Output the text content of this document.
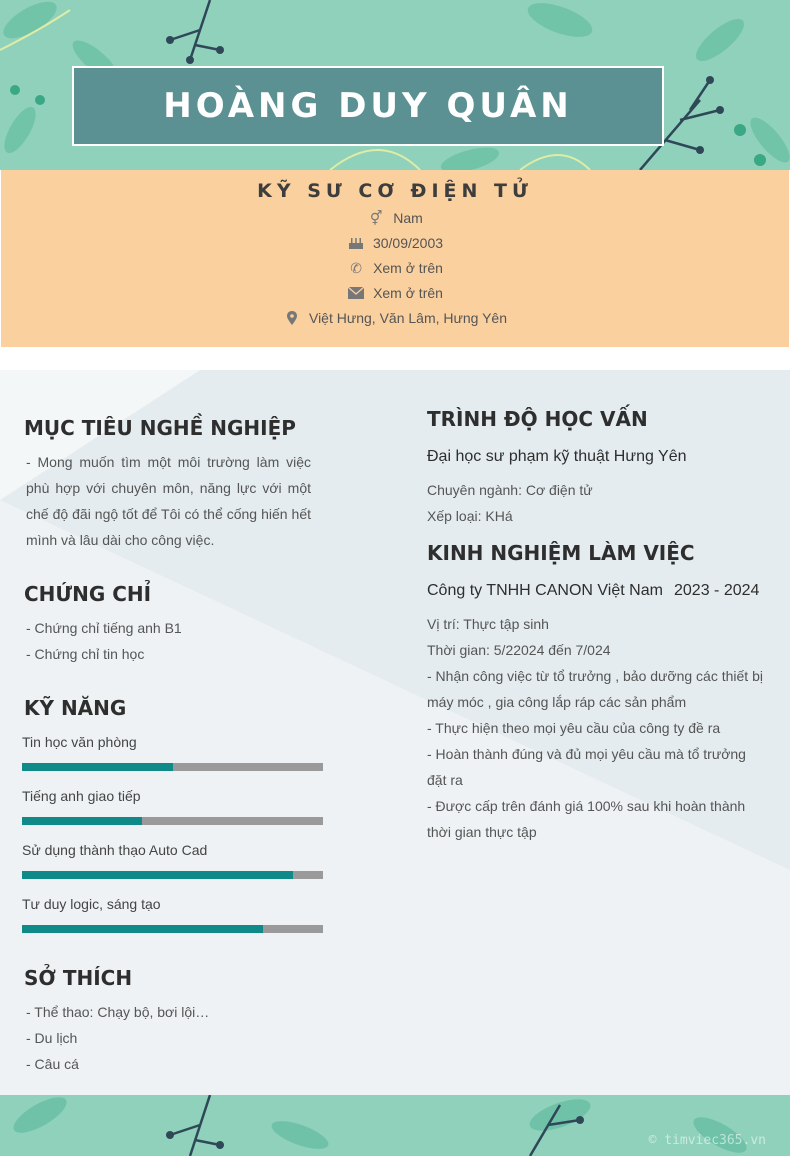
HOÀNG DUY QUÂN
KỸ SƯ CƠ ĐIỆN TỬ
⚥ Nam
30/09/2003
✆ Xem ở trên
Xem ở trên
Việt Hưng, Văn Lâm, Hưng Yên
MỤC TIÊU NGHỀ NGHIỆP
- Mong muốn tìm một môi trường làm việc phù hợp với chuyên môn, năng lực với một chế độ đãi ngộ tốt để Tôi có thể cống hiến hết mình và lâu dài cho công việc.
CHỨNG CHỈ
- Chứng chỉ tiếng anh B1
- Chứng chỉ tin học
KỸ NĂNG
Tin học văn phòng
Tiếng anh giao tiếp
Sử dụng thành thạo Auto Cad
Tư duy logic, sáng tạo
SỞ THÍCH
- Thể thao: Chạy bộ, bơi lội…
- Du lịch
- Câu cá
TRÌNH ĐỘ HỌC VẤN
Đại học sư phạm kỹ thuật Hưng Yên
Chuyên ngành: Cơ điện tử
Xếp loại: KHá
KINH NGHIỆM LÀM VIỆC
Công ty TNHH CANON Việt Nam 2023 - 2024
Vị trí: Thực tập sinh
Thời gian: 5/22024 đến 7/024
- Nhận công việc từ tổ trưởng , bảo dưỡng các thiết bị
máy móc , gia công lắp ráp các sản phẩm
- Thực hiện theo mọi yêu cầu của công ty đề ra
- Hoàn thành đúng và đủ mọi yêu cầu mà tổ trưởng
đặt ra
- Được cấp trên đánh giá 100% sau khi hoàn thành
thời gian thực tập
© timviec365.vn
